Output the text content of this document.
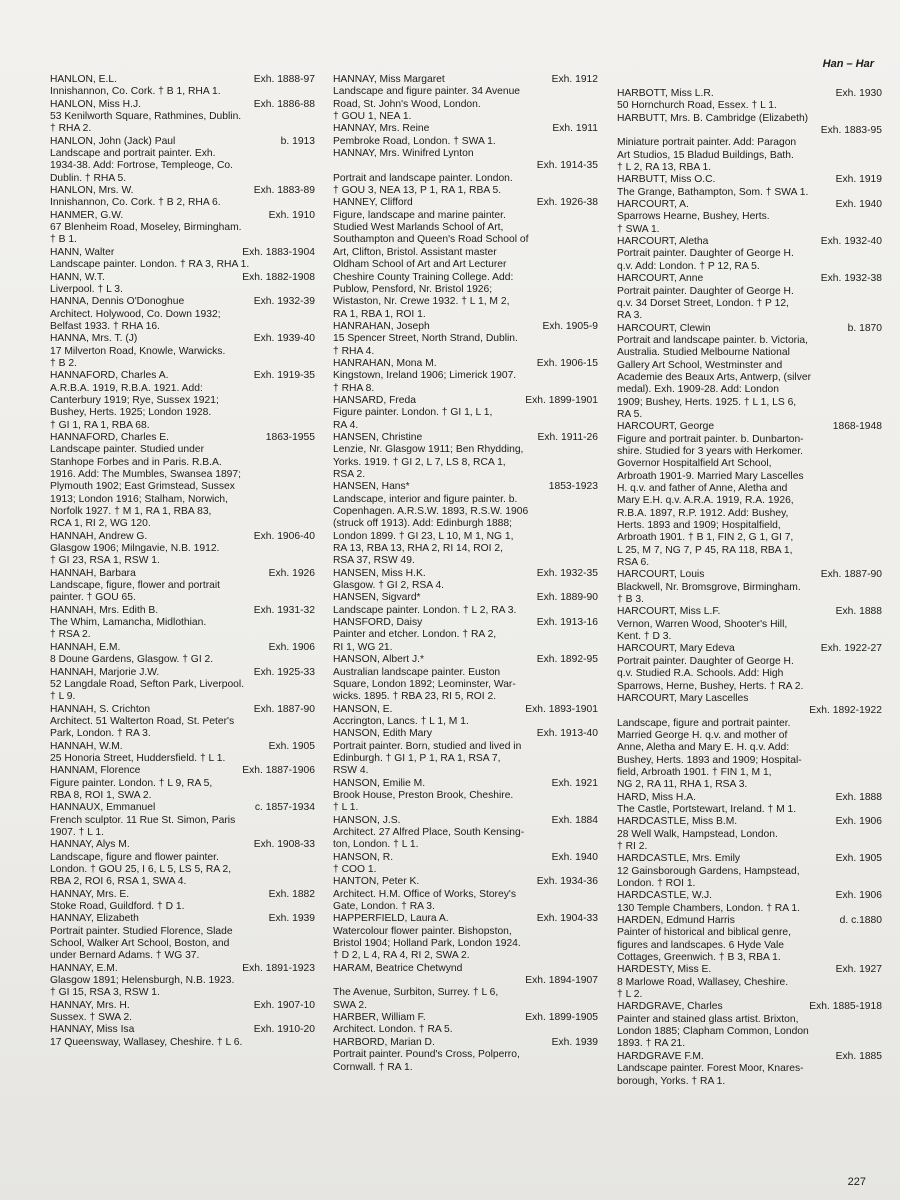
Han – Har
HANLON, E.L.	Exh. 1888-97
Innishannon, Co. Cork. † B 1, RHA 1.
HANLON, Miss H.J.	Exh. 1886-88
53 Kenilworth Square, Rathmines, Dublin.
† RHA 2.
HANLON, John (Jack) Paul	b. 1913
Landscape and portrait painter. Exh.
1934-38. Add: Fortrose, Templeoge, Co.
Dublin. † RHA 5.
HANLON, Mrs. W.	Exh. 1883-89
Innishannon, Co. Cork. † B 2, RHA 6.
HANMER, G.W.	Exh. 1910
67 Blenheim Road, Moseley, Birmingham.
† B 1.
HANN, Walter	Exh. 1883-1904
Landscape painter. London. † RA 3, RHA 1.
HANN, W.T.	Exh. 1882-1908
Liverpool. † L 3.
HANNA, Dennis O'Donoghue	Exh. 1932-39
Architect. Holywood, Co. Down 1932;
Belfast 1933. † RHA 16.
HANNA, Mrs. T. (J)	Exh. 1939-40
17 Milverton Road, Knowle, Warwicks.
† B 2.
HANNAFORD, Charles A.	Exh. 1919-35
A.R.B.A. 1919, R.B.A. 1921. Add:
Canterbury 1919; Rye, Sussex 1921;
Bushey, Herts. 1925; London 1928.
† GI 1, RA 1, RBA 68.
HANNAFORD, Charles E.	1863-1955
Landscape painter. Studied under
Stanhope Forbes and in Paris. R.B.A.
1916. Add: The Mumbles, Swansea 1897;
Plymouth 1902; East Grimstead, Sussex
1913; London 1916; Stalham, Norwich,
Norfolk 1927. † M 1, RA 1, RBA 83,
RCA 1, RI 2, WG 120.
HANNAH, Andrew G.	Exh. 1906-40
Glasgow 1906; Milngavie, N.B. 1912.
† GI 23, RSA 1, RSW 1.
HANNAH, Barbara	Exh. 1926
Landscape, figure, flower and portrait
painter. † GOU 65.
HANNAH, Mrs. Edith B.	Exh. 1931-32
The Whim, Lamancha, Midlothian.
† RSA 2.
HANNAH, E.M.	Exh. 1906
8 Doune Gardens, Glasgow. † GI 2.
HANNAH, Marjorie J.W.	Exh. 1925-33
52 Langdale Road, Sefton Park, Liverpool.
† L 9.
HANNAH, S. Crichton	Exh. 1887-90
Architect. 51 Walterton Road, St. Peter's
Park, London. † RA 3.
HANNAH, W.M.	Exh. 1905
25 Honoria Street, Huddersfield. † L 1.
HANNAM, Florence	Exh. 1887-1906
Figure painter. London. † L 9, RA 5,
RBA 8, ROI 1, SWA 2.
HANNAUX, Emmanuel	c. 1857-1934
French sculptor. 11 Rue St. Simon, Paris
1907. † L 1.
HANNAY, Alys M.	Exh. 1908-33
Landscape, figure and flower painter.
London. † GOU 25, I 6, L 5, LS 5, RA 2,
RBA 2, ROI 6, RSA 1, SWA 4.
HANNAY, Mrs. E.	Exh. 1882
Stoke Road, Guildford. † D 1.
HANNAY, Elizabeth	Exh. 1939
Portrait painter. Studied Florence, Slade
School, Walker Art School, Boston, and
under Bernard Adams. † WG 37.
HANNAY, E.M.	Exh. 1891-1923
Glasgow 1891; Helensburgh, N.B. 1923.
† GI 15, RSA 3, RSW 1.
HANNAY, Mrs. H.	Exh. 1907-10
Sussex. † SWA 2.
HANNAY, Miss Isa	Exh. 1910-20
17 Queensway, Wallasey, Cheshire. † L 6.
HANNAY, Miss Margaret	Exh. 1912
Landscape and figure painter. 34 Avenue
Road, St. John's Wood, London.
† GOU 1, NEA 1.
HANNAY, Mrs. Reine	Exh. 1911
Pembroke Road, London. † SWA 1.
HANNAY, Mrs. Winifred Lynton
Exh. 1914-35
Portrait and landscape painter. London.
† GOU 3, NEA 13, P 1, RA 1, RBA 5.
HANNEY, Clifford	Exh. 1926-38
Figure, landscape and marine painter.
Studied West Marlands School of Art,
Southampton and Queen's Road School of
Art, Clifton, Bristol. Assistant master
Oldham School of Art and Art Lecturer
Cheshire County Training College. Add:
Publow, Pensford, Nr. Bristol 1926;
Wistaston, Nr. Crewe 1932. † L 1, M 2,
RA 1, RBA 1, ROI 1.
HANRAHAN, Joseph	Exh. 1905-9
15 Spencer Street, North Strand, Dublin.
† RHA 4.
HANRAHAN, Mona M.	Exh. 1906-15
Kingstown, Ireland 1906; Limerick 1907.
† RHA 8.
HANSARD, Freda	Exh. 1899-1901
Figure painter. London. † GI 1, L 1,
RA 4.
HANSEN, Christine	Exh. 1911-26
Lenzie, Nr. Glasgow 1911; Ben Rhydding,
Yorks. 1919. † GI 2, L 7, LS 8, RCA 1,
RSA 2.
HANSEN, Hans*	1853-1923
Landscape, interior and figure painter. b.
Copenhagen. A.R.S.W. 1893, R.S.W. 1906
(struck off 1913). Add: Edinburgh 1888;
London 1899. † GI 23, L 10, M 1, NG 1,
RA 13, RBA 13, RHA 2, RI 14, ROI 2,
RSA 37, RSW 49.
HANSEN, Miss H.K.	Exh. 1932-35
Glasgow. † GI 2, RSA 4.
HANSEN, Sigvard*	Exh. 1889-90
Landscape painter. London. † L 2, RA 3.
HANSFORD, Daisy	Exh. 1913-16
Painter and etcher. London. † RA 2,
RI 1, WG 21.
HANSON, Albert J.*	Exh. 1892-95
Australian landscape painter. Euston
Square, London 1892; Leominster, War-
wicks. 1895. † RBA 23, RI 5, ROI 2.
HANSON, E.	Exh. 1893-1901
Accrington, Lancs. † L 1, M 1.
HANSON, Edith Mary	Exh. 1913-40
Portrait painter. Born, studied and lived in
Edinburgh. † GI 1, P 1, RA 1, RSA 7,
RSW 4.
HANSON, Emilie M.	Exh. 1921
Brook House, Preston Brook, Cheshire.
† L 1.
HANSON, J.S.	Exh. 1884
Architect. 27 Alfred Place, South Kensing-
ton, London. † L 1.
HANSON, R.	Exh. 1940
† COO 1.
HANTON, Peter K.	Exh. 1934-36
Architect. H.M. Office of Works, Storey's
Gate, London. † RA 3.
HAPPERFIELD, Laura A.	Exh. 1904-33
Watercolour flower painter. Bishopston,
Bristol 1904; Holland Park, London 1924.
† D 2, L 4, RA 4, RI 2, SWA 2.
HARAM, Beatrice Chetwynd
Exh. 1894-1907
The Avenue, Surbiton, Surrey. † L 6,
SWA 2.
HARBER, William F.	Exh. 1899-1905
Architect. London. † RA 5.
HARBORD, Marian D.	Exh. 1939
Portrait painter. Pound's Cross, Polperro,
Cornwall. † RA 1.
HARBOTT, Miss L.R.	Exh. 1930
50 Hornchurch Road, Essex. † L 1.
HARBUTT, Mrs. B. Cambridge (Elizabeth)
Exh. 1883-95
Miniature portrait painter. Add: Paragon
Art Studios, 15 Bladud Buildings, Bath.
† L 2, RA 13, RBA 1.
HARBUTT, Miss O.C.	Exh. 1919
The Grange, Bathampton, Som. † SWA 1.
HARCOURT, A.	Exh. 1940
Sparrows Hearne, Bushey, Herts.
† SWA 1.
HARCOURT, Aletha	Exh. 1932-40
Portrait painter. Daughter of George H.
q.v. Add: London. † P 12, RA 5.
HARCOURT, Anne	Exh. 1932-38
Portrait painter. Daughter of George H.
q.v. 34 Dorset Street, London. † P 12,
RA 3.
HARCOURT, Clewin	b. 1870
Portrait and landscape painter. b. Victoria,
Australia. Studied Melbourne National
Gallery Art School, Westminster and
Academie des Beaux Arts, Antwerp, (silver
medal). Exh. 1909-28. Add: London
1909; Bushey, Herts. 1925. † L 1, LS 6,
RA 5.
HARCOURT, George	1868-1948
Figure and portrait painter. b. Dunbarton-
shire. Studied for 3 years with Herkomer.
Governor Hospitalfield Art School,
Arbroath 1901-9. Married Mary Lascelles
H. q.v. and father of Anne, Aletha and
Mary E.H. q.v. A.R.A. 1919, R.A. 1926,
R.B.A. 1897, R.P. 1912. Add: Bushey,
Herts. 1893 and 1909; Hospitalfield,
Arbroath 1901. † B 1, FIN 2, G 1, GI 7,
L 25, M 7, NG 7, P 45, RA 118, RBA 1,
RSA 6.
HARCOURT, Louis	Exh. 1887-90
Blackwell, Nr. Bromsgrove, Birmingham.
† B 3.
HARCOURT, Miss L.F.	Exh. 1888
Vernon, Warren Wood, Shooter's Hill,
Kent. † D 3.
HARCOURT, Mary Edeva	Exh. 1922-27
Portrait painter. Daughter of George H.
q.v. Studied R.A. Schools. Add: High
Sparrows, Herne, Bushey, Herts. † RA 2.
HARCOURT, Mary Lascelles
Exh. 1892-1922
Landscape, figure and portrait painter.
Married George H. q.v. and mother of
Anne, Aletha and Mary E. H. q.v. Add:
Bushey, Herts. 1893 and 1909; Hospital-
field, Arbroath 1901. † FIN 1, M 1,
NG 2, RA 11, RHA 1, RSA 3.
HARD, Miss H.A.	Exh. 1888
The Castle, Portstewart, Ireland. † M 1.
HARDCASTLE, Miss B.M.	Exh. 1906
28 Well Walk, Hampstead, London.
† RI 2.
HARDCASTLE, Mrs. Emily	Exh. 1905
12 Gainsborough Gardens, Hampstead,
London. † ROI 1.
HARDCASTLE, W.J.	Exh. 1906
130 Temple Chambers, London. † RA 1.
HARDEN, Edmund Harris	d. c.1880
Painter of historical and biblical genre,
figures and landscapes. 6 Hyde Vale
Cottages, Greenwich. † B 3, RBA 1.
HARDESTY, Miss E.	Exh. 1927
8 Marlowe Road, Wallasey, Cheshire.
† L 2.
HARDGRAVE, Charles	Exh. 1885-1918
Painter and stained glass artist. Brixton,
London 1885; Clapham Common, London
1893. † RA 21.
HARDGRAVE F.M.	Exh. 1885
Landscape painter. Forest Moor, Knares-
borough, Yorks. † RA 1.
227
